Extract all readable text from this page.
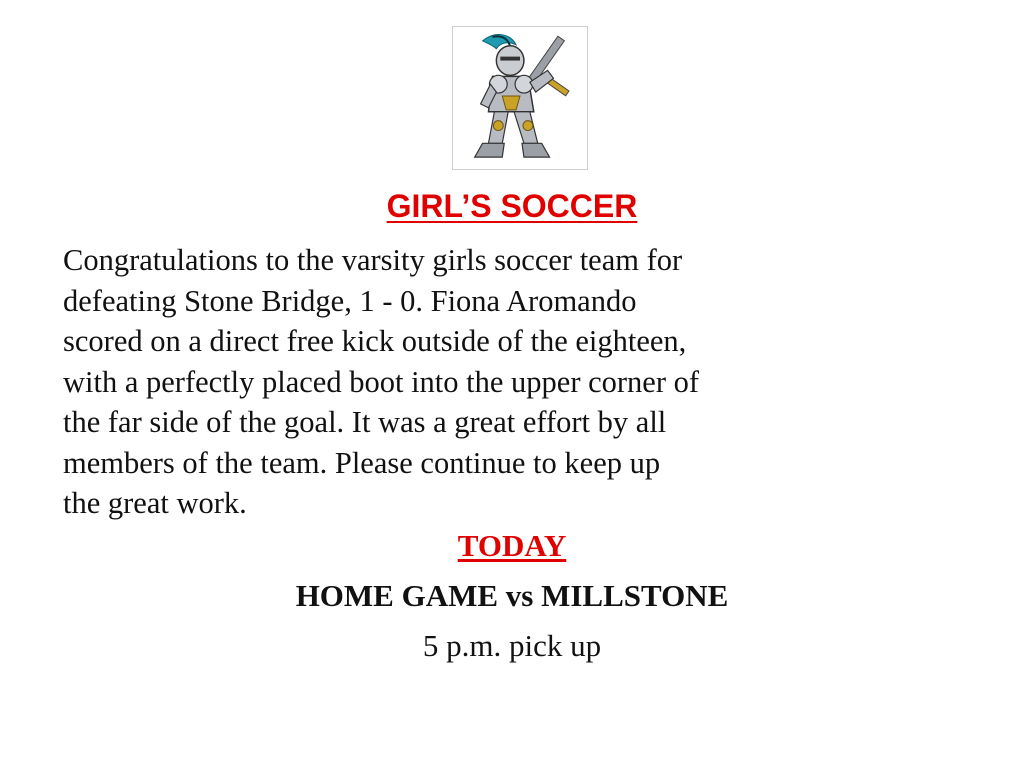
GIRL’S SOCCER

Congratulations to the varsity girls soccer team for
defeating Stone Bridge, 1 - 0. Fiona Aromando
scored on a direct free kick outside of the eighteen,
with a perfectly placed boot into the upper corner of
the far side of the goal. It was a great effort by all
members of the team. Please continue to keep up
the great work.

TODAY
HOME GAME vs MILLSTONE
5 p.m. pick up
